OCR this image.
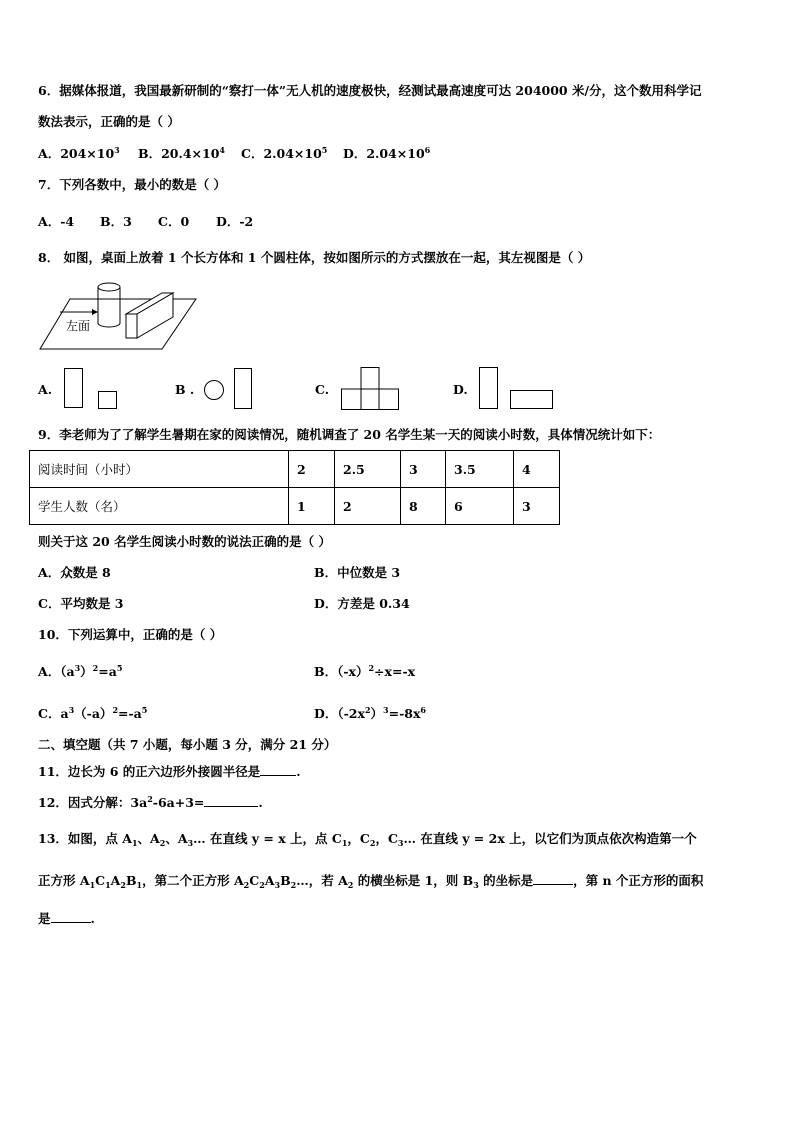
6．据媒体报道，我国最新研制的“察打一体”无人机的速度极快，经测试最高速度可达 204000 米/分，这个数用科学记
数法表示，正确的是（ ）
A．$204\times 10^3$ B．$20.4\times 10^4$ C．$2.04\times 10^5$ D．$2.04\times 10^6$
7．下列各数中，最小的数是（ ）
A．-4 B．3 C．0 D．-2
8． 如图，桌面上放着 1 个长方体和 1 个圆柱体，按如图所示的方式摆放在一起，其左视图是（ ）
左面
A.	B .	C.	D.
9．李老师为了了解学生暑期在家的阅读情况，随机调查了 20 名学生某一天的阅读小时数，具体情况统计如下：
阅读时间（小时）	2	2.5	3	3.5	4
学生人数（名）	1	2	8	6	3
则关于这 20 名学生阅读小时数的说法正确的是（ ）
A．众数是 8	B．中位数是 3
C．平均数是 3	D．方差是 0.34
10．下列运算中，正确的是（ ）
A．$(a^3)^2=a^5$	B．$(-x)^2\div x=-x$
C．$a^3(-a)^2=-a^5$	D．$(-2x^2)^3=-8x^6$
二、填空题（共 7 小题，每小题 3 分，满分 21 分）
11．边长为 6 的正六边形外接圆半径是	.
12．因式分解：$3a^2-6a+3=$	.
13．如图，点 $A_1$、$A_2$、$A_3\dots$ 在直线 y = x 上，点 $C_1$，$C_2$，$C_3\dots$ 在直线 y = 2x 上，以它们为顶点依次构造第一个
正方形 $A_1C_1A_2B_1$，第二个正方形 $A_2C_2A_3B_2\dots$，若 $A_2$ 的横坐标是 1，则 $B_3$ 的坐标是	，第 n 个正方形的面积
是	.
